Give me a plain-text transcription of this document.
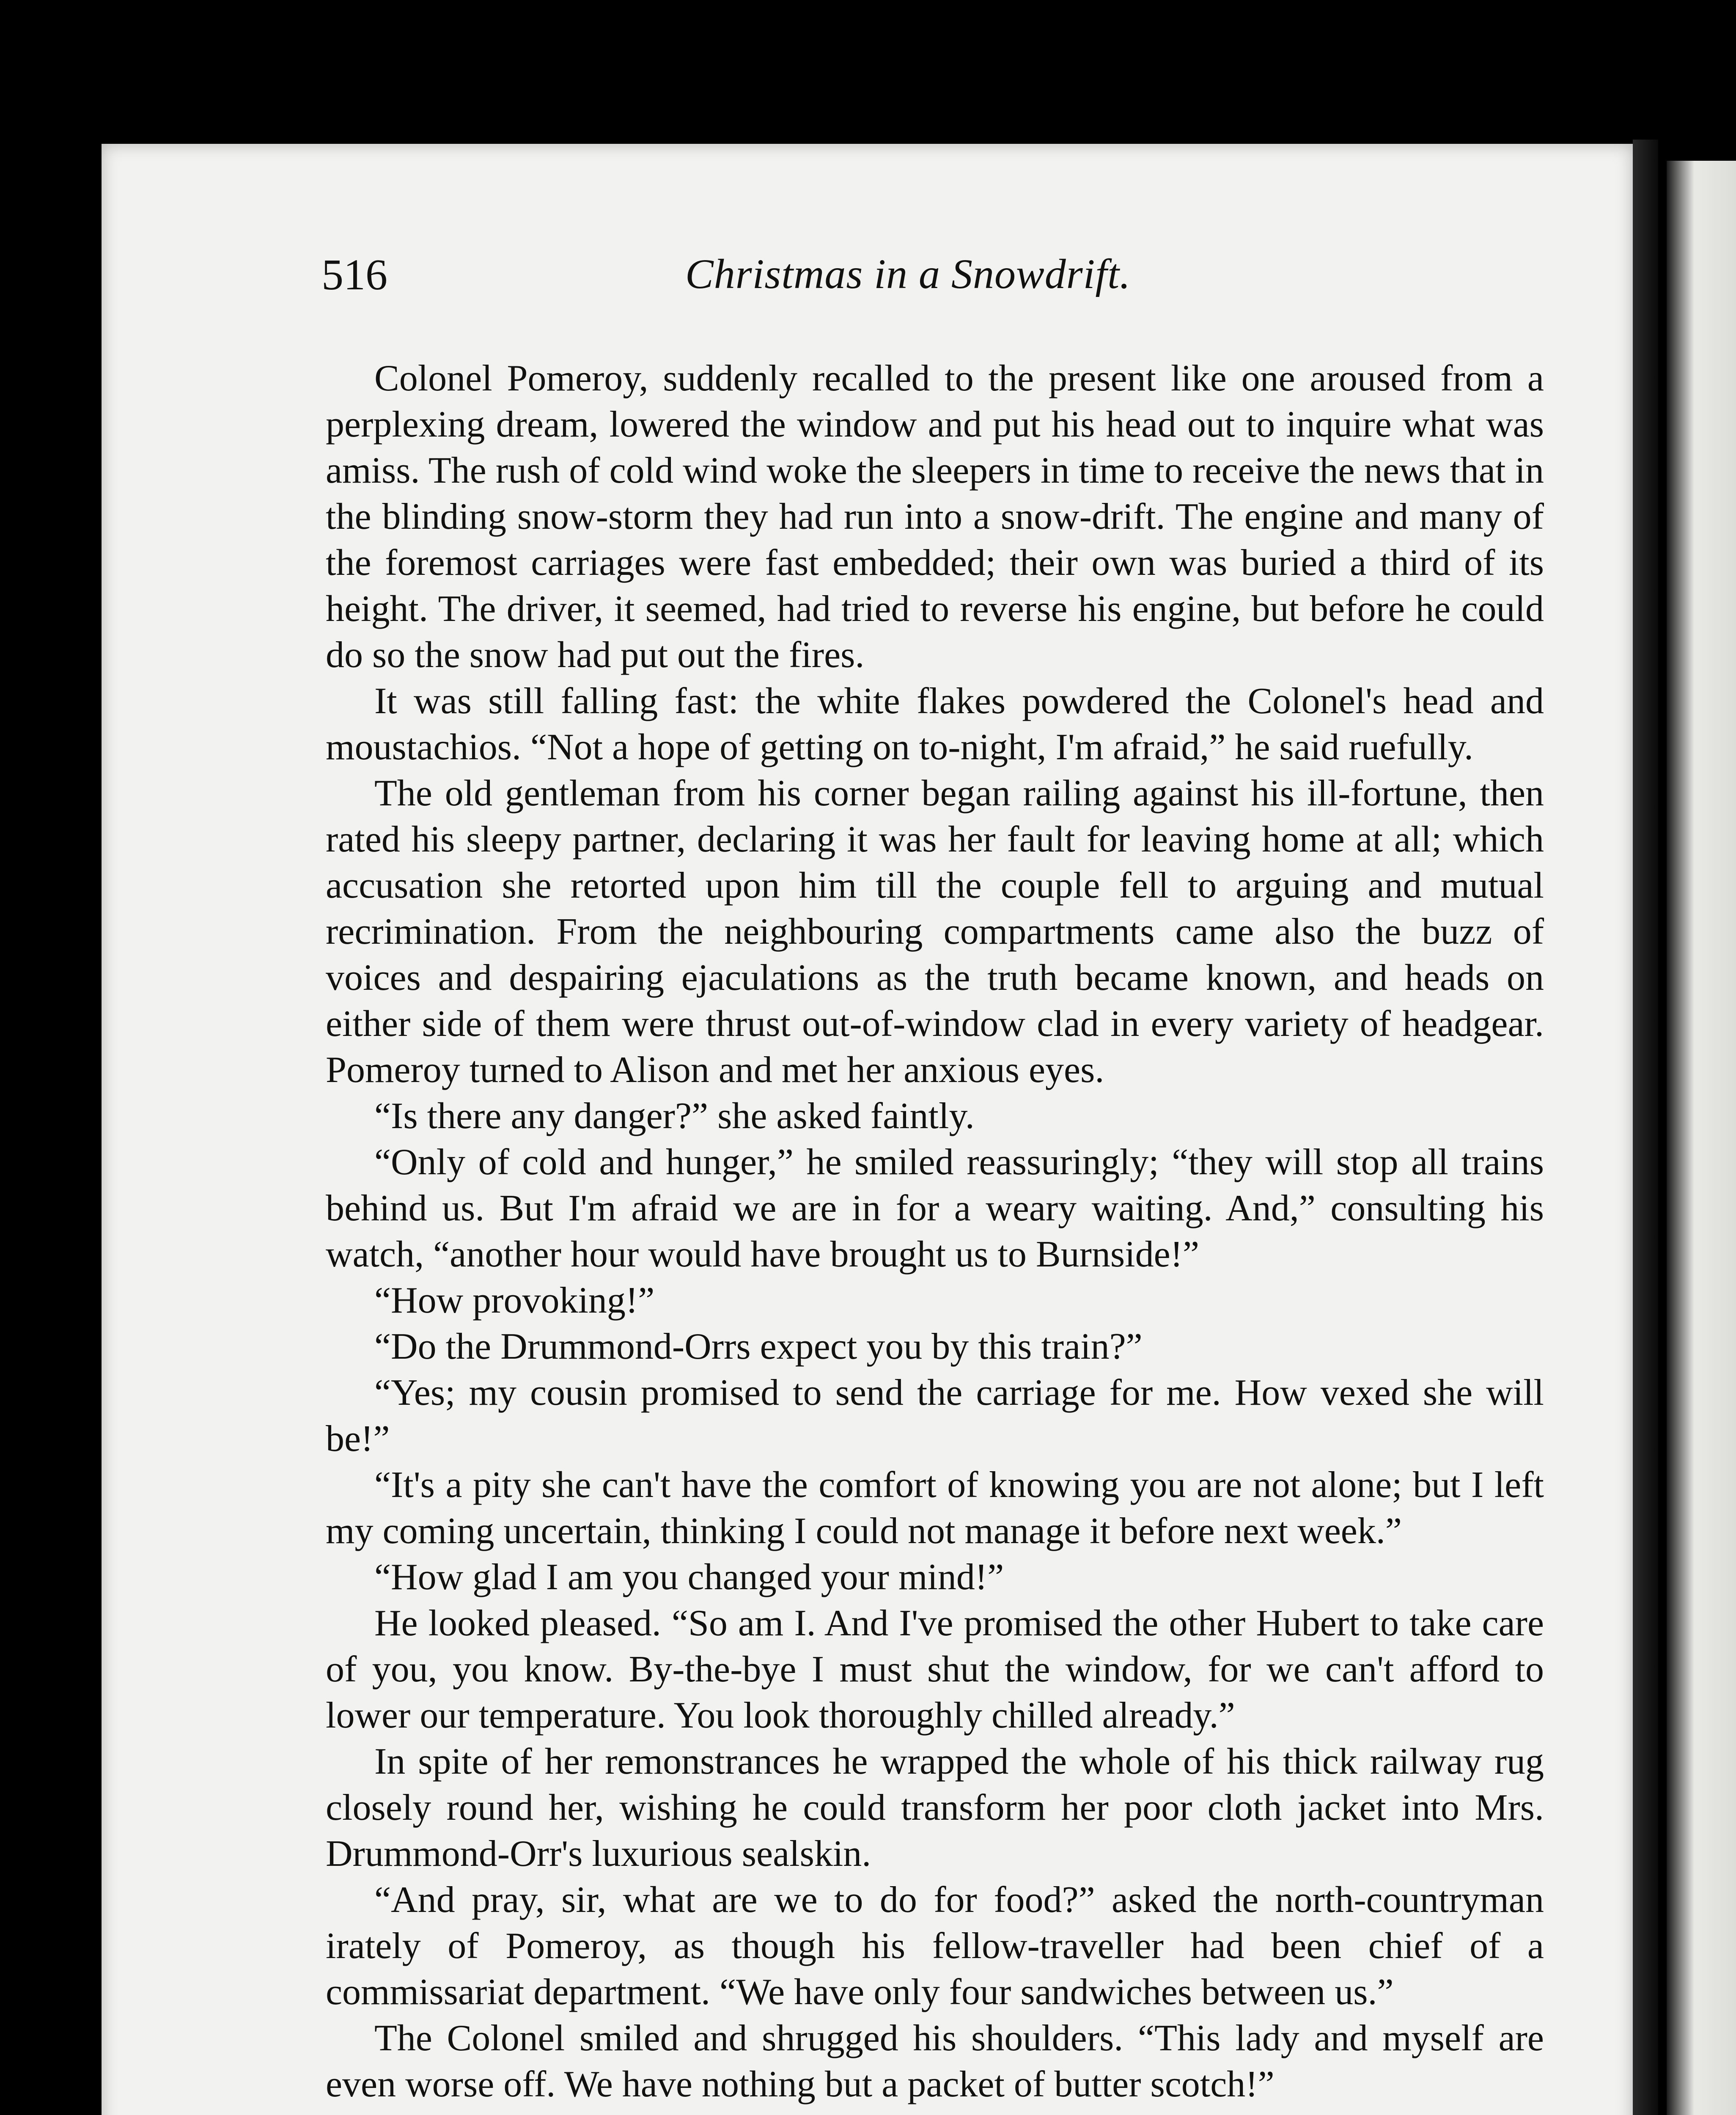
516	Christmas in a Snowdrift.

Colonel Pomeroy, suddenly recalled to the present like one aroused from a perplexing dream, lowered the window and put his head out to inquire what was amiss. The rush of cold wind woke the sleepers in time to receive the news that in the blinding snow-storm they had run into a snow-drift. The engine and many of the foremost carriages were fast embedded; their own was buried a third of its height. The driver, it seemed, had tried to reverse his engine, but before he could do so the snow had put out the fires.

It was still falling fast: the white flakes powdered the Colonel's head and moustachios. “Not a hope of getting on to-night, I'm afraid,” he said ruefully.

The old gentleman from his corner began railing against his ill-fortune, then rated his sleepy partner, declaring it was her fault for leaving home at all; which accusation she retorted upon him till the couple fell to arguing and mutual recrimination. From the neighbouring compartments came also the buzz of voices and despairing ejaculations as the truth became known, and heads on either side of them were thrust out-of-window clad in every variety of headgear. Pomeroy turned to Alison and met her anxious eyes.

“Is there any danger?” she asked faintly.

“Only of cold and hunger,” he smiled reassuringly; “they will stop all trains behind us. But I'm afraid we are in for a weary waiting. And,” consulting his watch, “another hour would have brought us to Burnside!”

“How provoking!”

“Do the Drummond-Orrs expect you by this train?”

“Yes; my cousin promised to send the carriage for me. How vexed she will be!”

“It's a pity she can't have the comfort of knowing you are not alone; but I left my coming uncertain, thinking I could not manage it before next week.”

“How glad I am you changed your mind!”

He looked pleased. “So am I. And I've promised the other Hubert to take care of you, you know. By-the-bye I must shut the window, for we can't afford to lower our temperature. You look thoroughly chilled already.”

In spite of her remonstrances he wrapped the whole of his thick railway rug closely round her, wishing he could transform her poor cloth jacket into Mrs. Drummond-Orr's luxurious sealskin.

“And pray, sir, what are we to do for food?” asked the north-countryman irately of Pomeroy, as though his fellow-traveller had been chief of a commissariat department. “We have only four sandwiches between us.”

The Colonel smiled and shrugged his shoulders. “This lady and myself are even worse off. We have nothing but a packet of butter scotch!”
